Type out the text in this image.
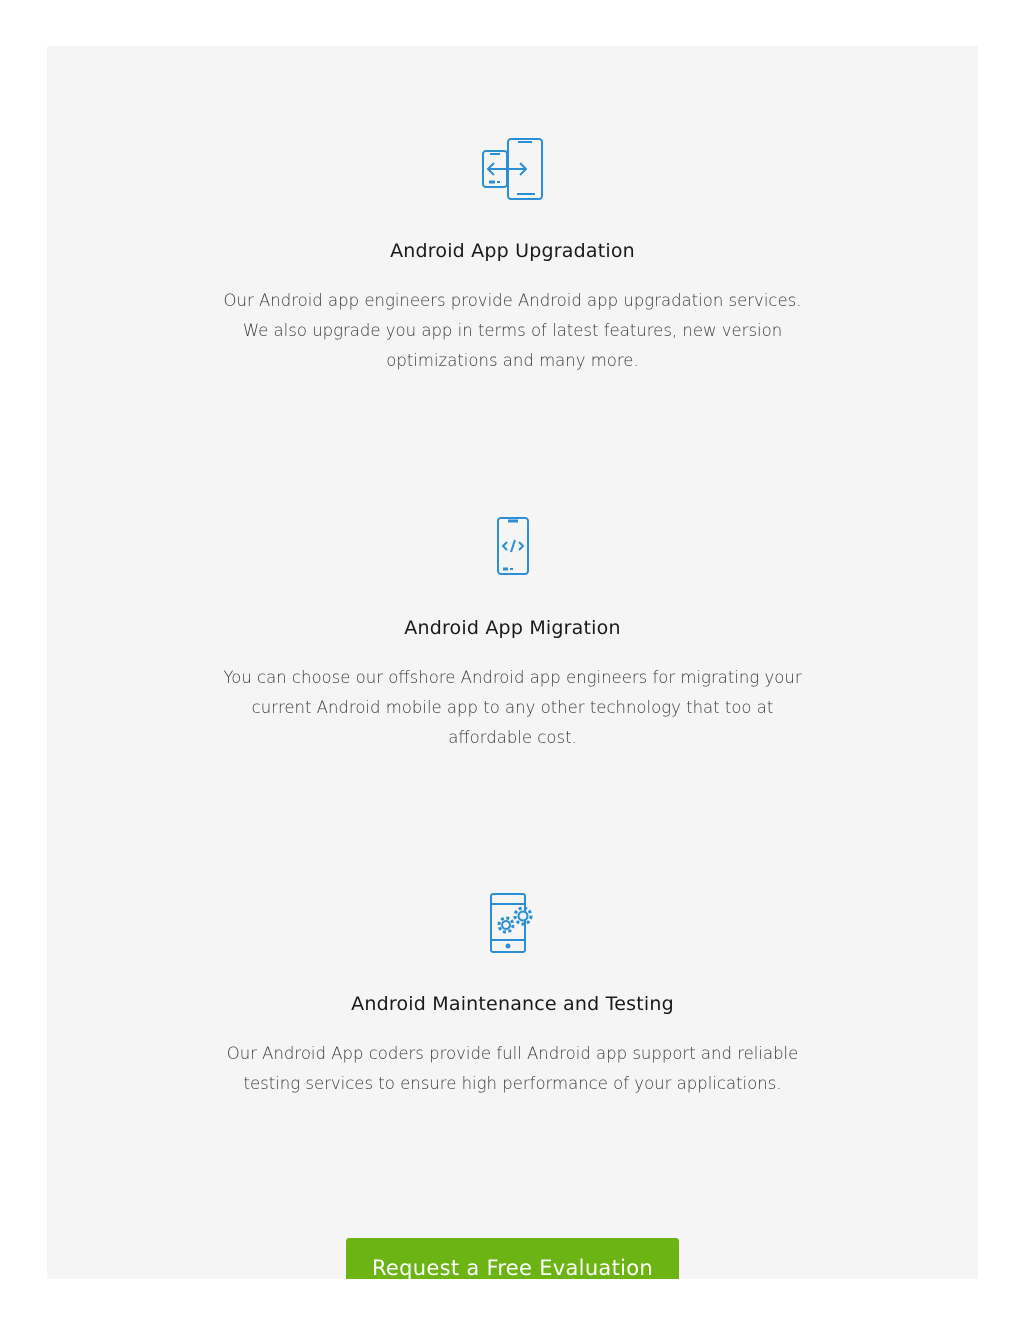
Android App Upgradation

Our Android app engineers provide Android app upgradation services. We also upgrade you app in terms of latest features, new version optimizations and many more.

Android App Migration

You can choose our offshore Android app engineers for migrating your current Android mobile app to any other technology that too at affordable cost.

Android Maintenance and Testing

Our Android App coders provide full Android app support and reliable testing services to ensure high performance of your applications.

Request a Free Evaluation
